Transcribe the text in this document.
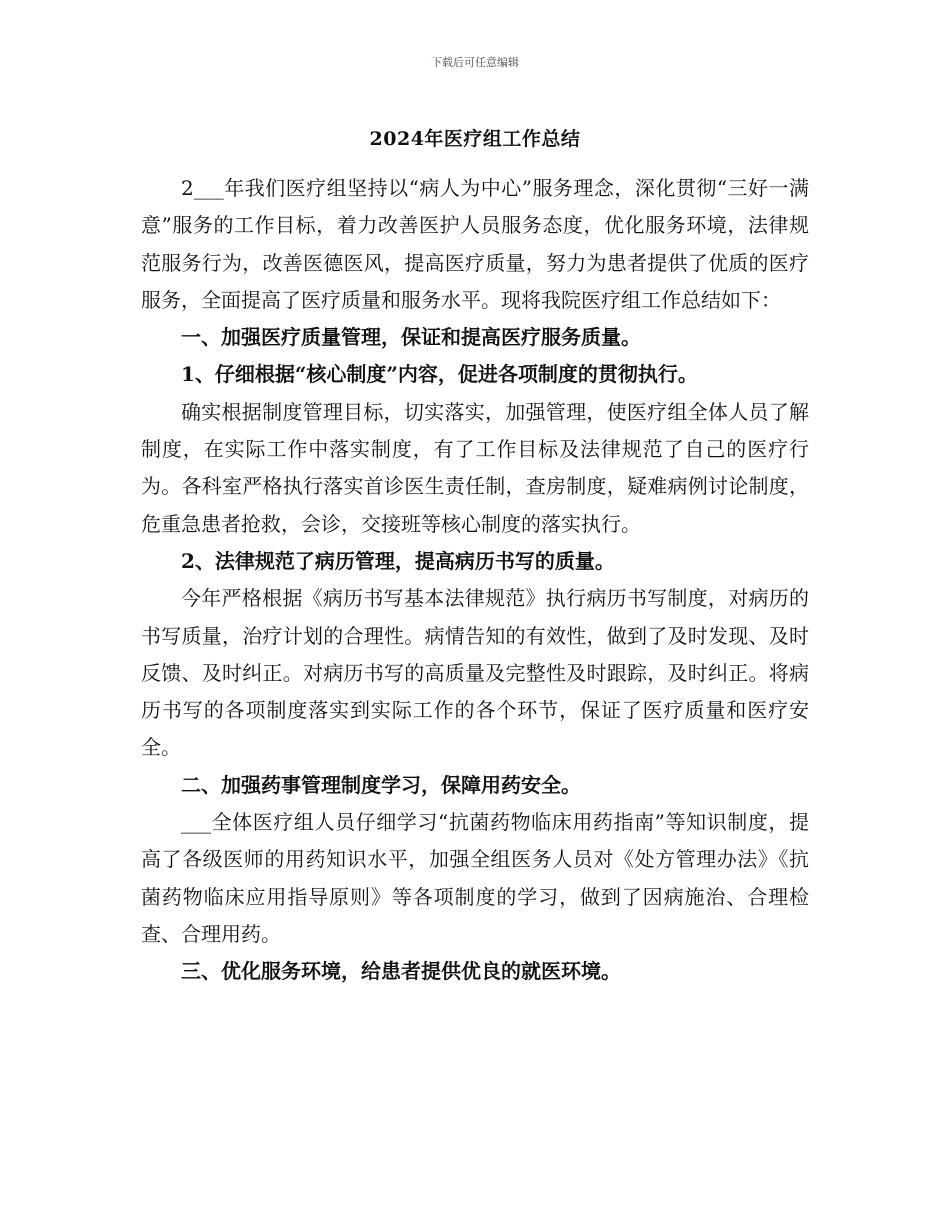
下载后可任意编辑
2024年医疗组工作总结

2___年我们医疗组坚持以“病人为中心”服务理念，深化贯彻“三好一满意”服务的工作目标，着力改善医护人员服务态度，优化服务环境，法律规范服务行为，改善医德医风，提高医疗质量，努力为患者提供了优质的医疗服务，全面提高了医疗质量和服务水平。现将我院医疗组工作总结如下：

一、加强医疗质量管理，保证和提高医疗服务质量。

1、仔细根据“核心制度”内容，促进各项制度的贯彻执行。

确实根据制度管理目标，切实落实，加强管理，使医疗组全体人员了解制度，在实际工作中落实制度，有了工作目标及法律规范了自己的医疗行为。各科室严格执行落实首诊医生责任制，查房制度，疑难病例讨论制度，危重急患者抢救，会诊，交接班等核心制度的落实执行。

2、法律规范了病历管理，提高病历书写的质量。

今年严格根据《病历书写基本法律规范》执行病历书写制度，对病历的书写质量，治疗计划的合理性。病情告知的有效性，做到了及时发现、及时反馈、及时纠正。对病历书写的高质量及完整性及时跟踪，及时纠正。将病历书写的各项制度落实到实际工作的各个环节，保证了医疗质量和医疗安全。

二、加强药事管理制度学习，保障用药安全。

___全体医疗组人员仔细学习“抗菌药物临床用药指南”等知识制度，提高了各级医师的用药知识水平，加强全组医务人员对《处方管理办法》《抗菌药物临床应用指导原则》等各项制度的学习，做到了因病施治、合理检查、合理用药。

三、优化服务环境，给患者提供优良的就医环境。
